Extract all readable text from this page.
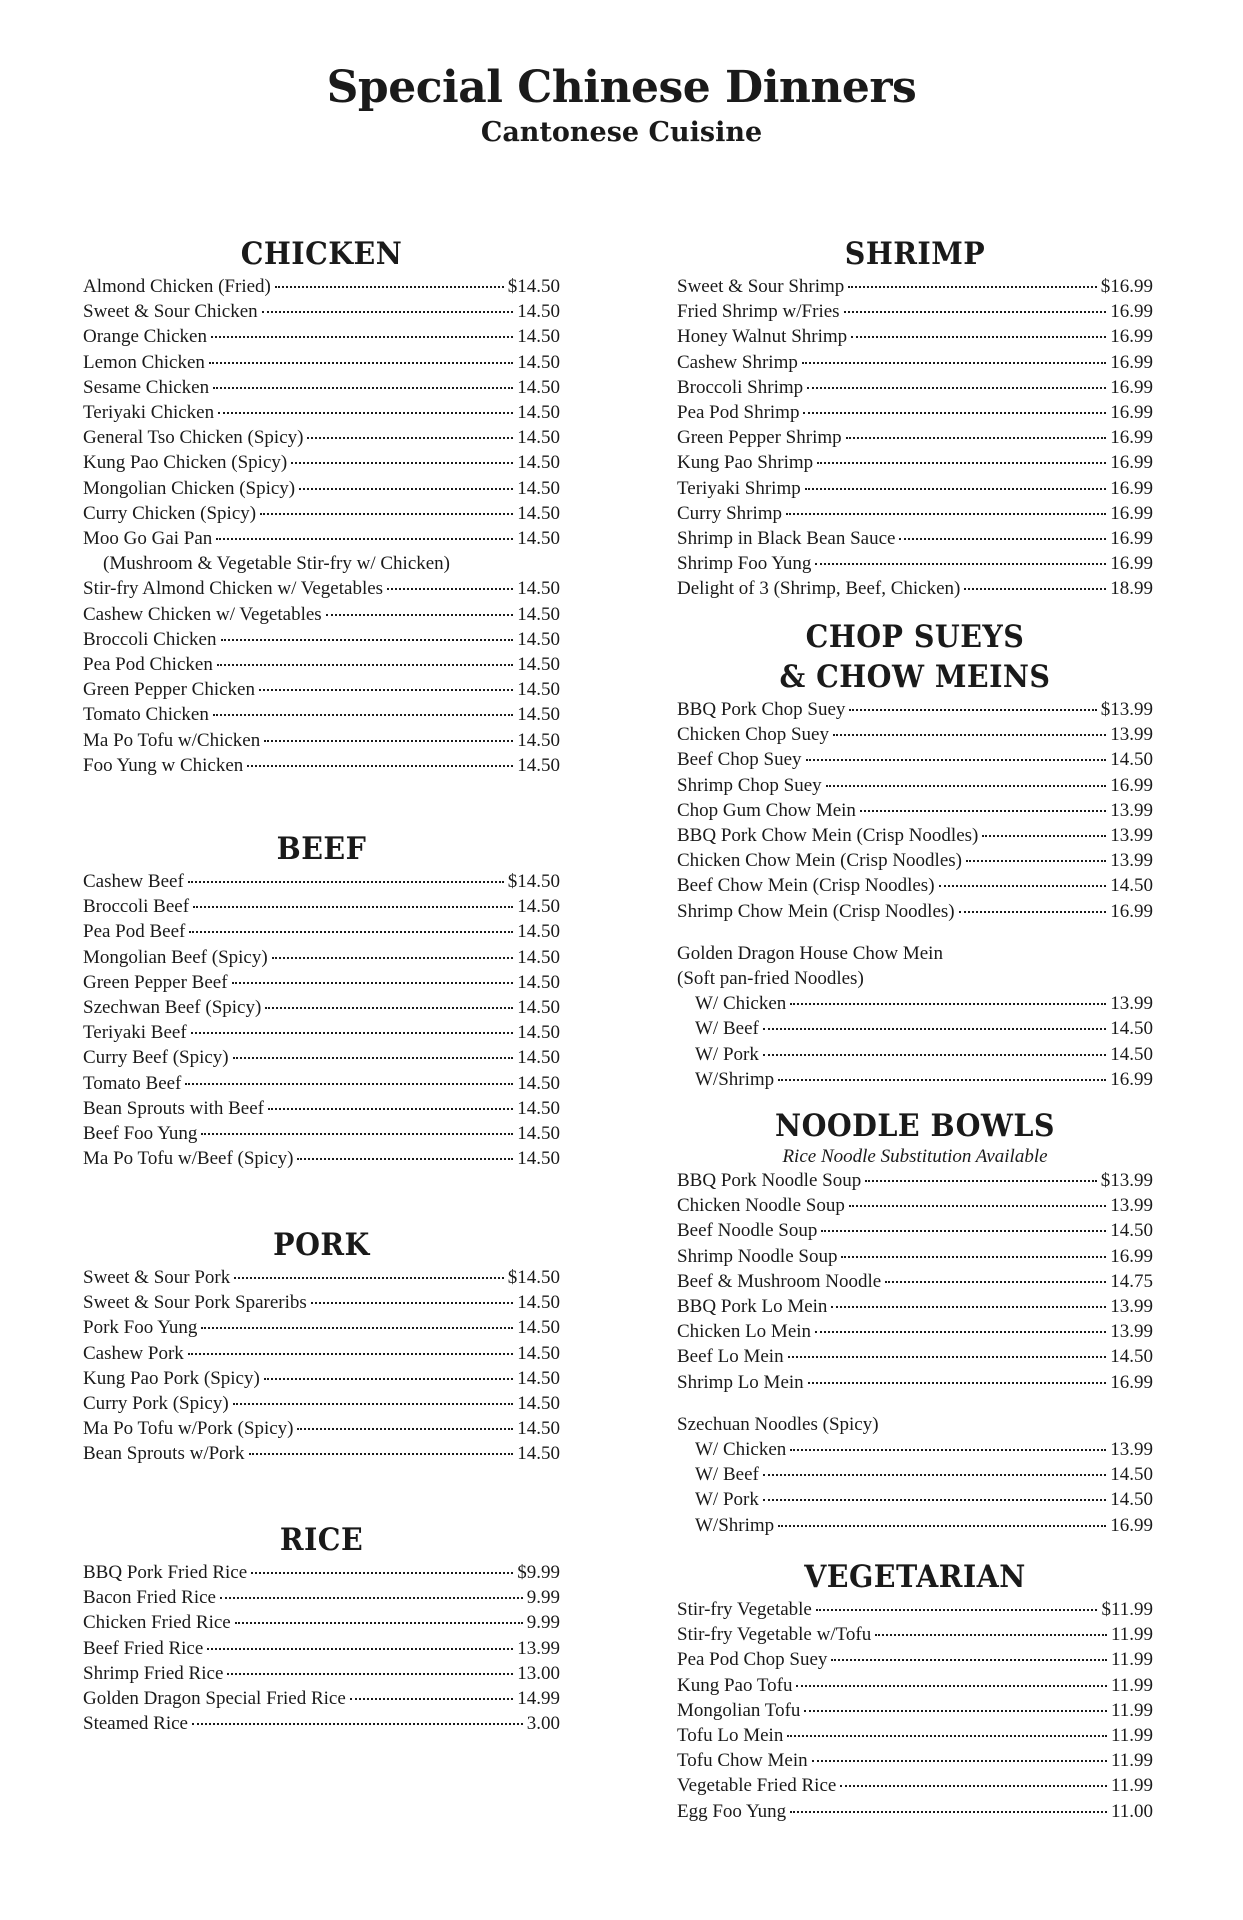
Special Chinese Dinners
Cantonese Cuisine
CHICKEN
Almond Chicken (Fried)	$14.50
Sweet & Sour Chicken	14.50
Orange Chicken	14.50
Lemon Chicken	14.50
Sesame Chicken	14.50
Teriyaki Chicken	14.50
General Tso Chicken (Spicy)	14.50
Kung Pao Chicken (Spicy)	14.50
Mongolian Chicken (Spicy)	14.50
Curry Chicken (Spicy)	14.50
Moo Go Gai Pan	14.50
(Mushroom & Vegetable Stir-fry w/ Chicken)
Stir-fry Almond Chicken w/ Vegetables	14.50
Cashew Chicken w/ Vegetables	14.50
Broccoli Chicken	14.50
Pea Pod Chicken	14.50
Green Pepper Chicken	14.50
Tomato Chicken	14.50
Ma Po Tofu w/Chicken	14.50
Foo Yung w Chicken	14.50
BEEF
Cashew Beef	$14.50
Broccoli Beef	14.50
Pea Pod Beef	14.50
Mongolian Beef (Spicy)	14.50
Green Pepper Beef	14.50
Szechwan Beef (Spicy)	14.50
Teriyaki Beef	14.50
Curry Beef (Spicy)	14.50
Tomato Beef	14.50
Bean Sprouts with Beef	14.50
Beef Foo Yung	14.50
Ma Po Tofu w/Beef (Spicy)	14.50
PORK
Sweet & Sour Pork	$14.50
Sweet & Sour Pork Spareribs	14.50
Pork Foo Yung	14.50
Cashew Pork	14.50
Kung Pao Pork (Spicy)	14.50
Curry Pork (Spicy)	14.50
Ma Po Tofu w/Pork (Spicy)	14.50
Bean Sprouts w/Pork	14.50
RICE
BBQ Pork Fried Rice	$9.99
Bacon Fried Rice	9.99
Chicken Fried Rice	9.99
Beef Fried Rice	13.99
Shrimp Fried Rice	13.00
Golden Dragon Special Fried Rice	14.99
Steamed Rice	3.00
SHRIMP
Sweet & Sour Shrimp	$16.99
Fried Shrimp w/Fries	16.99
Honey Walnut Shrimp	16.99
Cashew Shrimp	16.99
Broccoli Shrimp	16.99
Pea Pod Shrimp	16.99
Green Pepper Shrimp	16.99
Kung Pao Shrimp	16.99
Teriyaki Shrimp	16.99
Curry Shrimp	16.99
Shrimp in Black Bean Sauce	16.99
Shrimp Foo Yung	16.99
Delight of 3 (Shrimp, Beef, Chicken)	18.99
CHOP SUEYS
& CHOW MEINS
BBQ Pork Chop Suey	$13.99
Chicken Chop Suey	13.99
Beef Chop Suey	14.50
Shrimp Chop Suey	16.99
Chop Gum Chow Mein	13.99
BBQ Pork Chow Mein (Crisp Noodles)	13.99
Chicken Chow Mein (Crisp Noodles)	13.99
Beef Chow Mein (Crisp Noodles)	14.50
Shrimp Chow Mein (Crisp Noodles)	16.99
Golden Dragon House Chow Mein
(Soft pan-fried Noodles)
W/ Chicken	13.99
W/ Beef	14.50
W/ Pork	14.50
W/Shrimp	16.99
NOODLE BOWLS
Rice Noodle Substitution Available
BBQ Pork Noodle Soup	$13.99
Chicken Noodle Soup	13.99
Beef Noodle Soup	14.50
Shrimp Noodle Soup	16.99
Beef & Mushroom Noodle	14.75
BBQ Pork Lo Mein	13.99
Chicken Lo Mein	13.99
Beef Lo Mein	14.50
Shrimp Lo Mein	16.99
Szechuan Noodles (Spicy)
W/ Chicken	13.99
W/ Beef	14.50
W/ Pork	14.50
W/Shrimp	16.99
VEGETARIAN
Stir-fry Vegetable	$11.99
Stir-fry Vegetable w/Tofu	11.99
Pea Pod Chop Suey	11.99
Kung Pao Tofu	11.99
Mongolian Tofu	11.99
Tofu Lo Mein	11.99
Tofu Chow Mein	11.99
Vegetable Fried Rice	11.99
Egg Foo Yung	11.00
